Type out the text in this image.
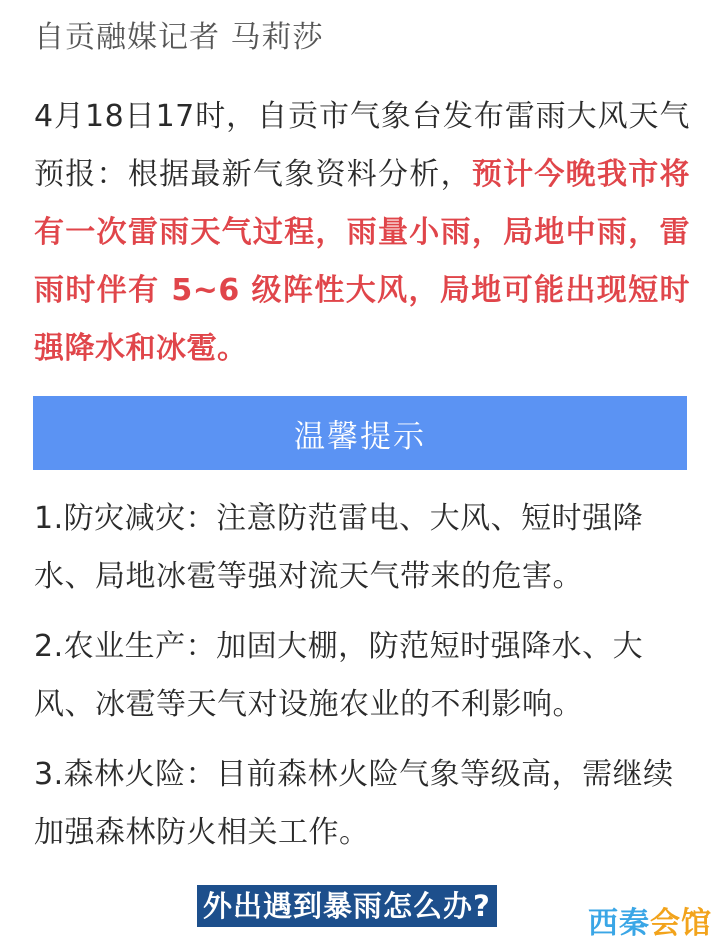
自贡融媒记者 马莉莎
4月18日17时，自贡市气象台发布雷雨大风天气预报：根据最新气象资料分析，预计今晚我市将有一次雷雨天气过程，雨量小雨，局地中雨，雷雨时伴有 5~6 级阵性大风，局地可能出现短时强降水和冰雹。
温馨提示
1.防灾减灾：注意防范雷电、大风、短时强降水、局地冰雹等强对流天气带来的危害。
2.农业生产：加固大棚，防范短时强降水、大风、冰雹等天气对设施农业的不利影响。
3.森林火险：目前森林火险气象等级高，需继续加强森林防火相关工作。
外出遇到暴雨怎么办?	西秦会馆
